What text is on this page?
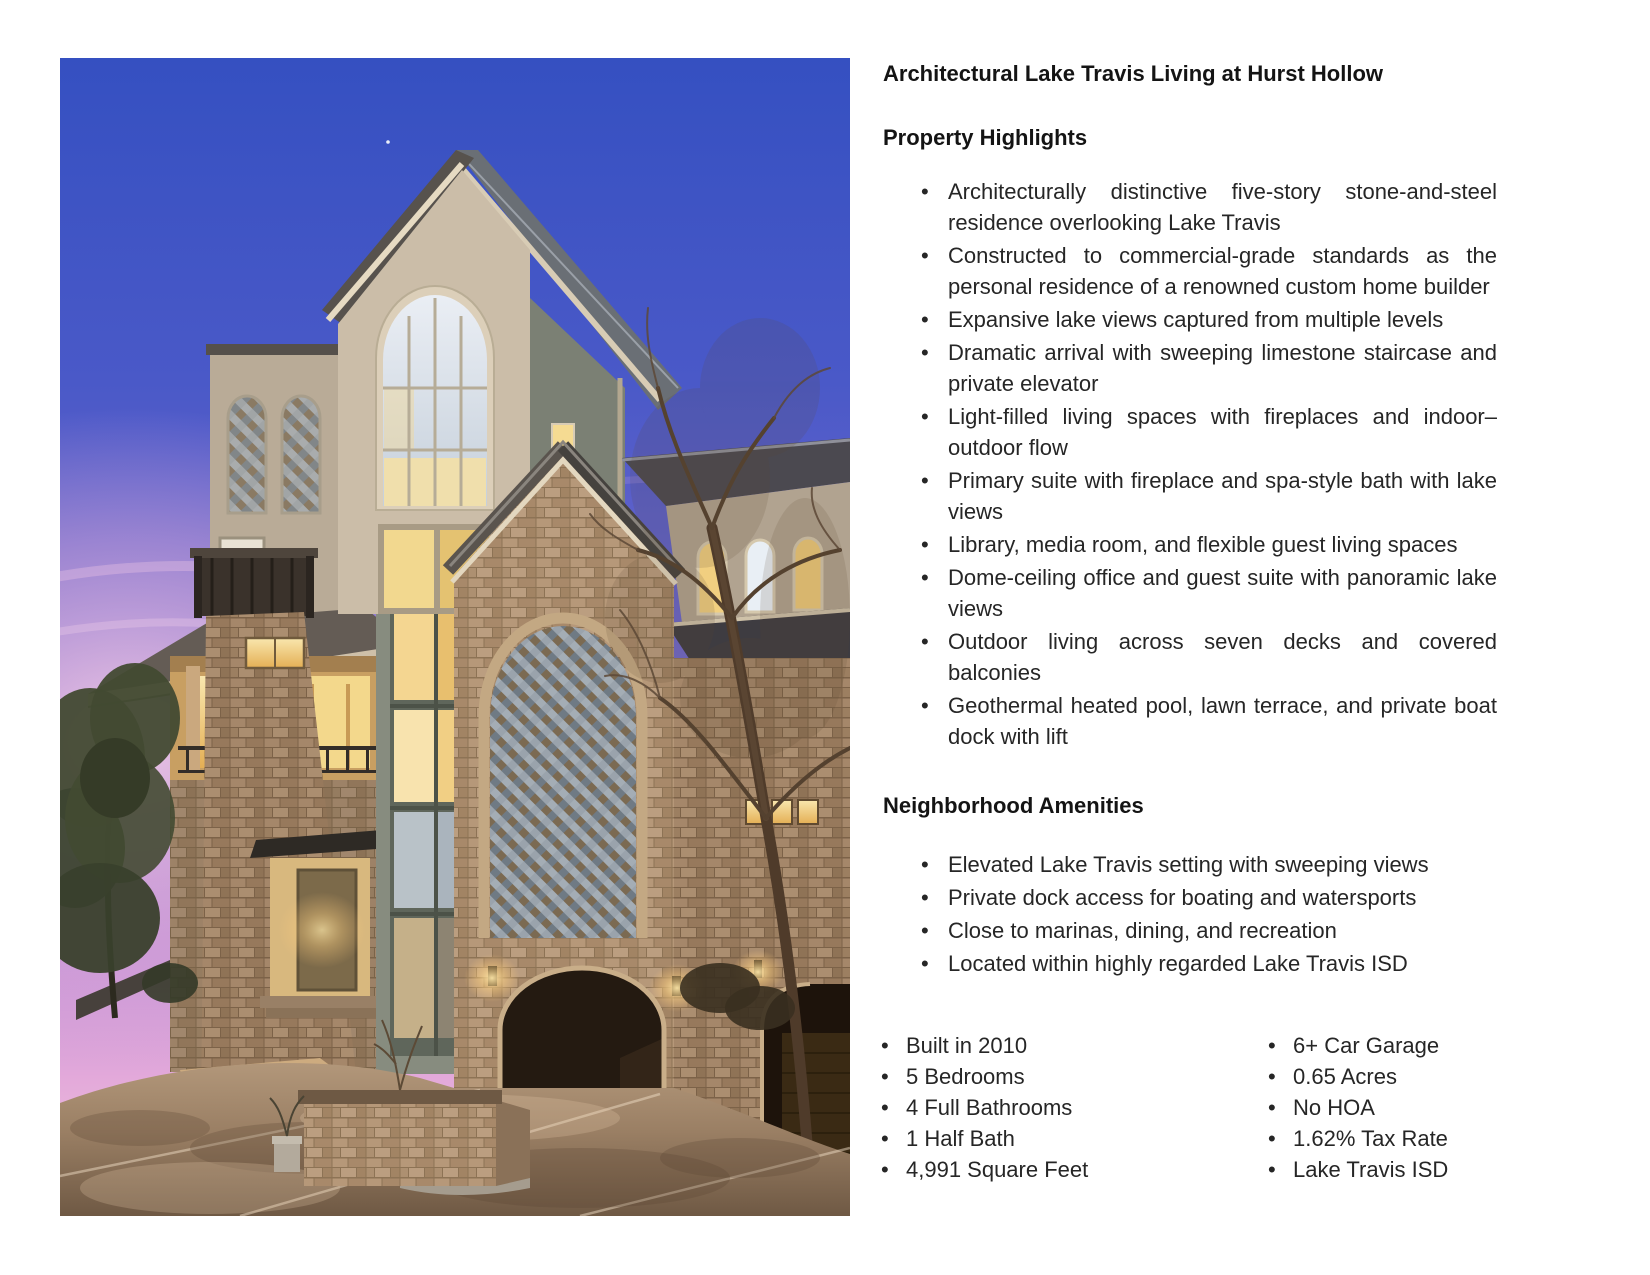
Architectural Lake Travis Living at Hurst Hollow
Property Highlights
• Architecturally distinctive five-story stone-and-steel residence overlooking Lake Travis
• Constructed to commercial-grade standards as the personal residence of a renowned custom home builder
• Expansive lake views captured from multiple levels
• Dramatic arrival with sweeping limestone staircase and private elevator
• Light-filled living spaces with fireplaces and indoor–outdoor flow
• Primary suite with fireplace and spa-style bath with lake views
• Library, media room, and flexible guest living spaces
• Dome-ceiling office and guest suite with panoramic lake views
• Outdoor living across seven decks and covered balconies
• Geothermal heated pool, lawn terrace, and private boat dock with lift
Neighborhood Amenities
• Elevated Lake Travis setting with sweeping views
• Private dock access for boating and watersports
• Close to marinas, dining, and recreation
• Located within highly regarded Lake Travis ISD
• Built in 2010
• 5 Bedrooms
• 4 Full Bathrooms
• 1 Half Bath
• 4,991 Square Feet
• 6+ Car Garage
• 0.65 Acres
• No HOA
• 1.62% Tax Rate
• Lake Travis ISD
